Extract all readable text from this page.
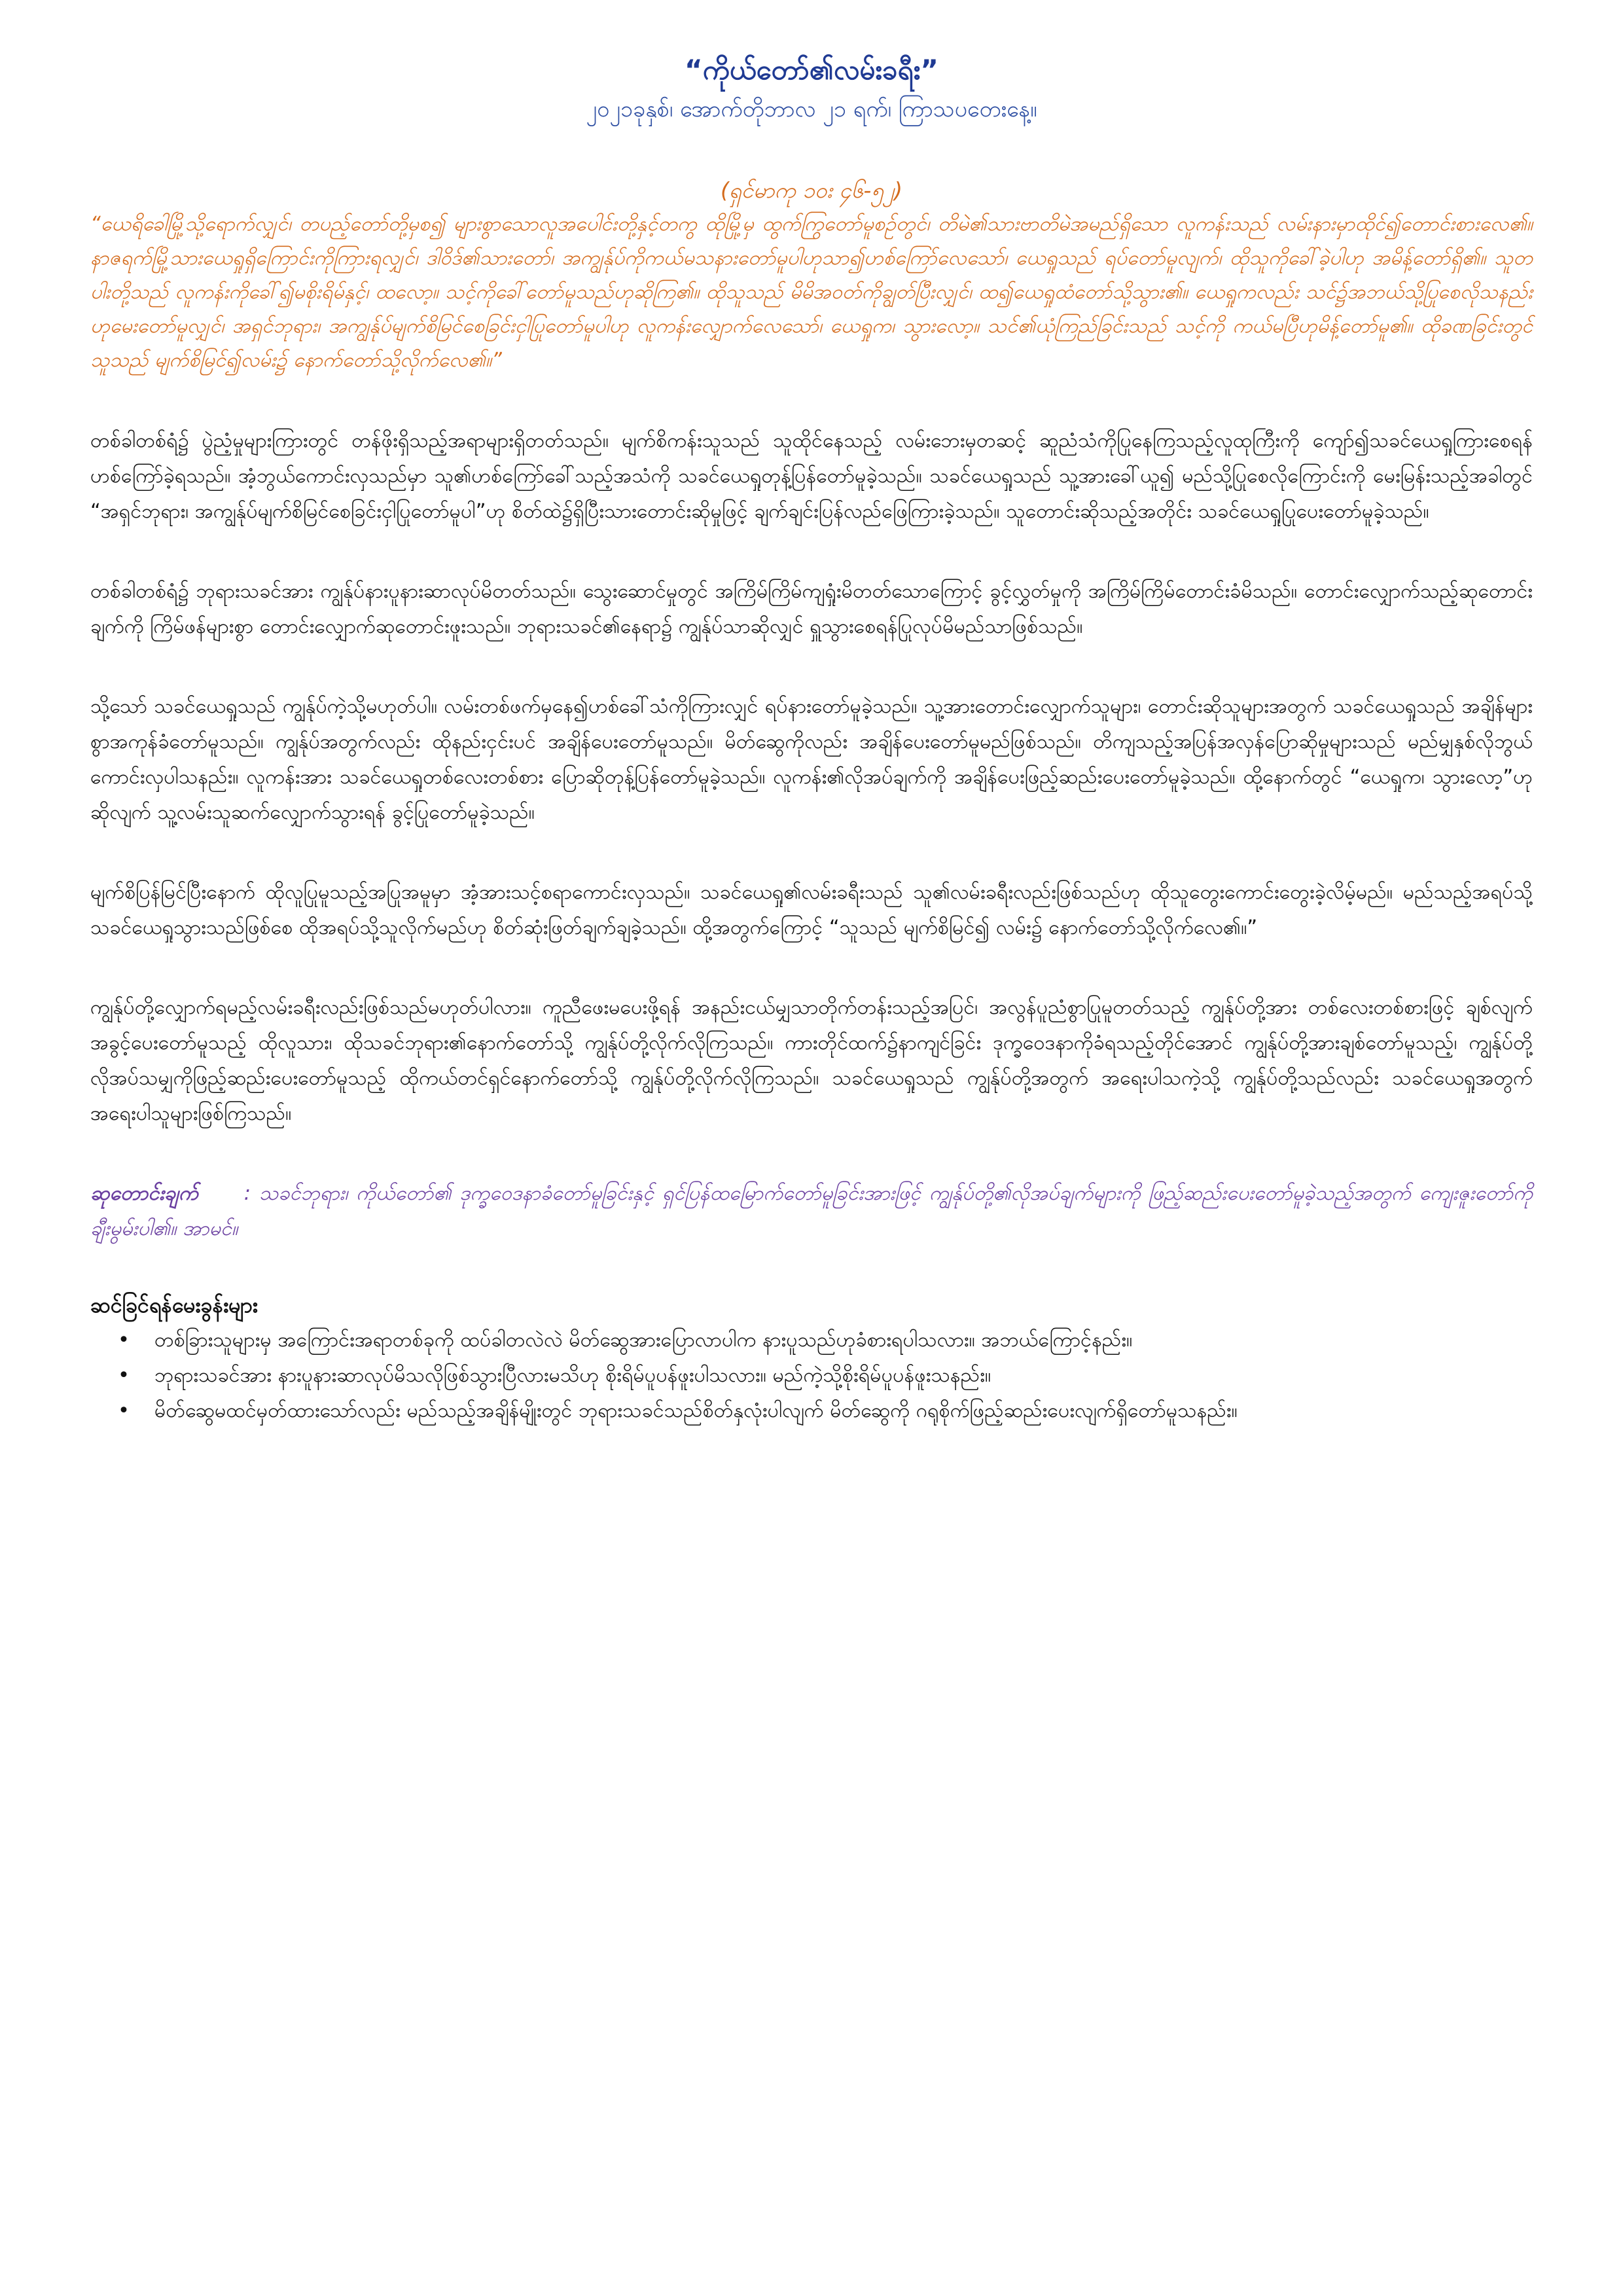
“ကိုယ်တော်၏လမ်းခရီး”

၂၀၂၁ခုနှစ်၊ အောက်တိုဘာလ ၂၁ ရက်၊ ကြာသပတေးနေ့။

(ရှင်မာကု ၁၀း ၄၆-၅၂)

“ယေရိခေါမြို့သို့ရောက်လျှင်၊ တပည့်တော်တို့မှစ၍ များစွာသောလူအပေါင်းတို့နှင့်တကွ ထိုမြို့မှ ထွက်ကြွတော်မူစဉ်တွင်၊ တိမဲ၏သားဗာတိမဲအမည်ရှိသော လူကန်းသည် လမ်းနားမှာထိုင်၍တောင်းစားလေ၏။ နာဇရက်မြို့သားယေရှုရှိကြောင်းကိုကြားရလျှင်၊ ဒါဝိဒ်၏သားတော်၊ အကျွန်ုပ်ကိုကယ်မသနားတော်မူပါဟုသာ၍ဟစ်ကြော်လေသော်၊ ယေရှုသည် ရပ်တော်မူလျက်၊ ထိုသူကိုခေါ်ခဲ့ပါဟု အမိန့်တော်ရှိ၏။ သူတပါးတို့သည် လူကန်းကိုခေါ်၍မစိုးရိမ်နှင့်၊ ထလော့။ သင့်ကိုခေါ်တော်မူသည်ဟုဆိုကြ၏။ ထိုသူသည် မိမိအဝတ်ကိုချွတ်ပြီးလျှင်၊ ထ၍ယေရှုထံတော်သို့သွား၏။ ယေရှုကလည်း သင်၌အဘယ်သို့ပြုစေလိုသနည်းဟုမေးတော်မူလျှင်၊ အရှင်ဘုရား၊ အကျွန်ုပ်မျက်စိမြင်စေခြင်းငှါပြုတော်မူပါဟု လူကန်းလျှောက်လေသော်၊ ယေရှုက၊ သွားလော့။ သင်၏ယုံကြည်ခြင်းသည် သင့်ကို ကယ်မပြီဟုမိန့်တော်မူ၏။ ထိုခဏခြင်းတွင် သူသည် မျက်စိမြင်၍လမ်း၌ နောက်တော်သို့လိုက်လေ၏။”

တစ်ခါတစ်ရံ၌ ပွဲညံ့မှုများကြားတွင် တန်ဖိုးရှိသည့်အရာများရှိတတ်သည်။ မျက်စိကန်းသူသည် သူထိုင်နေသည့် လမ်းဘေးမှတဆင့် ဆူညံသံကိုပြုနေကြသည့်လူထုကြီးကို ကျော်၍သခင်ယေရှုကြားစေရန် ဟစ်ကြော်ခဲ့ရသည်။ အံ့ဘွယ်ကောင်းလှသည်မှာ သူ၏ဟစ်ကြော်ခေါ်သည့်အသံကို သခင်ယေရှုတုန့်ပြန်တော်မူခဲ့သည်။ သခင်ယေရှုသည် သူ့အားခေါ်ယူ၍ မည်သို့ပြုစေလိုကြောင်းကို မေးမြန်းသည့်အခါတွင် “အရှင်ဘုရား၊ အကျွန်ုပ်မျက်စိမြင်စေခြင်းငှါပြုတော်မူပါ”ဟု စိတ်ထဲ၌ရှိပြီးသားတောင်းဆိုမှုဖြင့် ချက်ချင်းပြန်လည်ဖြေကြားခဲ့သည်။ သူတောင်းဆိုသည့်အတိုင်း သခင်ယေရှုပြုပေးတော်မူခဲ့သည်။

တစ်ခါတစ်ရံ၌ ဘုရားသခင်အား ကျွန်ုပ်နားပူနားဆာလုပ်မိတတ်သည်။ သွေးဆောင်မှုတွင် အကြိမ်ကြိမ်ကျရှုံးမိတတ်သောကြောင့် ခွင့်လွှတ်မှုကို အကြိမ်ကြိမ်တောင်းခံမိသည်။ တောင်းလျှောက်သည့်ဆုတောင်းချက်ကို ကြိမ်ဖန်များစွာ တောင်းလျှောက်ဆုတောင်းဖူးသည်။ ဘုရားသခင်၏နေရာ၌ ကျွန်ုပ်သာဆိုလျှင် ရှူသွားစေရန်ပြုလုပ်မိမည်သာဖြစ်သည်။

သို့သော် သခင်ယေရှုသည် ကျွန်ုပ်ကဲ့သို့မဟုတ်ပါ။ လမ်းတစ်ဖက်မှနေ၍ဟစ်ခေါ်သံကိုကြားလျှင် ရပ်နားတော်မူခဲ့သည်။ သူ့အားတောင်းလျှောက်သူများ၊ တောင်းဆိုသူများအတွက် သခင်ယေရှုသည် အချိန်များစွာအကုန်ခံတော်မူသည်။ ကျွန်ုပ်အတွက်လည်း ထိုနည်းငှင်းပင် အချိန်ပေးတော်မူသည်။ မိတ်ဆွေကိုလည်း အချိန်ပေးတော်မူမည်ဖြစ်သည်။ တိကျသည့်အပြန်အလှန်ပြောဆိုမှုများသည် မည်မျှနှစ်လိုဘွယ်ကောင်းလှပါသနည်း။ လူကန်းအား သခင်ယေရှုတစ်လေးတစ်စား ပြောဆိုတုန့်ပြန်တော်မူခဲ့သည်။ လူကန်း၏လိုအပ်ချက်ကို အချိန်ပေးဖြည့်ဆည်းပေးတော်မူခဲ့သည်။ ထို့နောက်တွင် “ယေရှုက၊ သွားလော့”ဟုဆိုလျက် သူ့လမ်းသူဆက်လျှောက်သွားရန် ခွင့်ပြုတော်မူခဲ့သည်။

မျက်စိပြန်မြင်ပြီးနောက် ထိုလူပြုမူသည့်အပြုအမူမှာ အံ့အားသင့်စရာကောင်းလှသည်။ သခင်ယေရှု၏လမ်းခရီးသည် သူ၏လမ်းခရီးလည်းဖြစ်သည်ဟု ထိုသူတွေးကောင်းတွေးခဲ့လိမ့်မည်။ မည်သည့်အရပ်သို့ သခင်ယေရှုသွားသည်ဖြစ်စေ ထိုအရပ်သို့သူလိုက်မည်ဟု စိတ်ဆုံးဖြတ်ချက်ချခဲ့သည်။ ထို့အတွက်ကြောင့် “သူသည် မျက်စိမြင်၍ လမ်း၌ နောက်တော်သို့လိုက်လေ၏။”

ကျွန်ုပ်တို့လျှောက်ရမည့်လမ်းခရီးလည်းဖြစ်သည်မဟုတ်ပါလား။ ကူညီဖေးမပေးဖို့ရန် အနည်းငယ်မျှသာတိုက်တန်းသည့်အပြင်၊ အလွန်ပူညံစွာပြုမူတတ်သည့် ကျွန်ုပ်တို့အား တစ်လေးတစ်စားဖြင့် ချစ်လျက်အခွင့်ပေးတော်မူသည့် ထိုလူသား၊ ထိုသခင်ဘုရား၏နောက်တော်သို့ ကျွန်ုပ်တို့လိုက်လိုကြသည်။ ကားတိုင်ထက်၌နာကျင်ခြင်း ဒုက္ခဝေဒနာကိုခံရသည့်တိုင်အောင် ကျွန်ုပ်တို့အားချစ်တော်မူသည့်၊ ကျွန်ုပ်တို့လိုအပ်သမျှကိုဖြည့်ဆည်းပေးတော်မူသည့် ထိုကယ်တင်ရှင်နောက်တော်သို့ ကျွန်ုပ်တို့လိုက်လိုကြသည်။ သခင်ယေရှုသည် ကျွန်ုပ်တို့အတွက် အရေးပါသကဲ့သို့ ကျွန်ုပ်တို့သည်လည်း သခင်ယေရှုအတွက် အရေးပါသူများဖြစ်ကြသည်။

ဆုတောင်းချက် : သခင်ဘုရား၊ ကိုယ်တော်၏ ဒုက္ခဝေဒနာခံတော်မူခြင်းနှင့် ရှင်ပြန်ထမြောက်တော်မူခြင်းအားဖြင့် ကျွန်ုပ်တို့၏လိုအပ်ချက်များကို ဖြည့်ဆည်းပေးတော်မူခဲ့သည့်အတွက် ကျေးဇူးတော်ကိုချီးမွမ်းပါ၏။ အာမင်။

ဆင်ခြင်ရန်မေးခွန်းများ

• တစ်ခြားသူများမှ အကြောင်းအရာတစ်ခုကို ထပ်ခါတလဲလဲ မိတ်ဆွေအားပြောလာပါက နားပူသည်ဟုခံစားရပါသလား။ အဘယ်ကြောင့်နည်း။
• ဘုရားသခင်အား နားပူနားဆာလုပ်မိသလိုဖြစ်သွားပြီလားမသိဟု စိုးရိမ်ပူပန်ဖူးပါသလား။ မည်ကဲ့သို့စိုးရိမ်ပူပန်ဖူးသနည်း။
• မိတ်ဆွေမထင်မှတ်ထားသော်လည်း မည်သည့်အချိန်မျိုးတွင် ဘုရားသခင်သည်စိတ်နှလုံးပါလျက် မိတ်ဆွေကို ဂရုစိုက်ဖြည့်ဆည်းပေးလျက်ရှိတော်မူသနည်း။
